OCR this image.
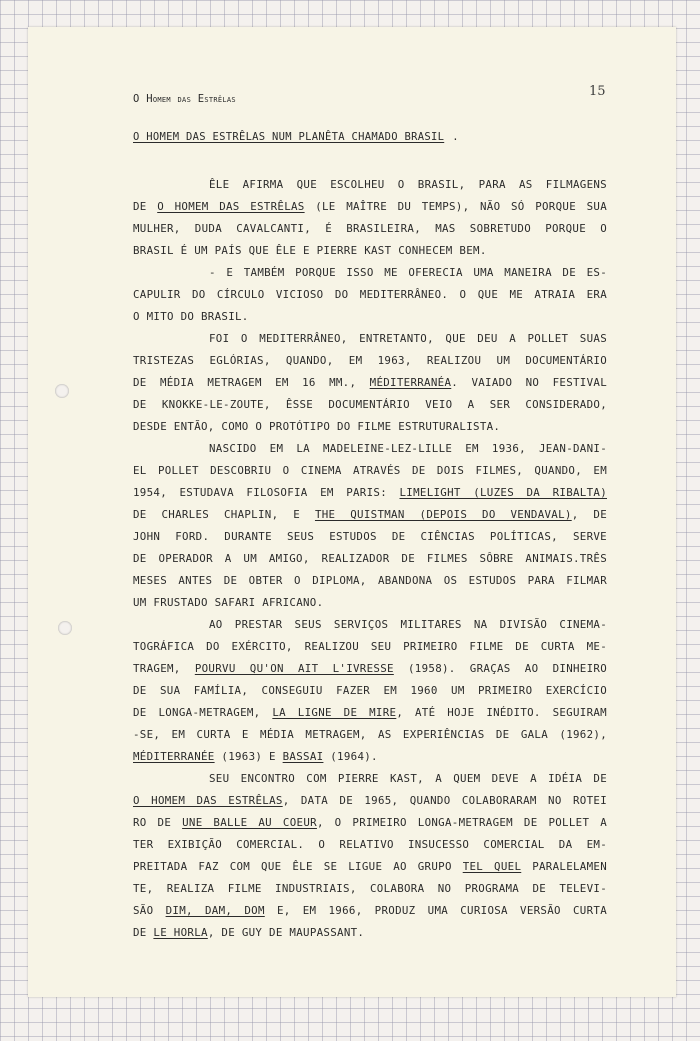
15
O Homem das Estrêlas
O HOMEM DAS ESTRÊLAS NUM PLANÊTA CHAMADO BRASIL .
ÊLE AFIRMA QUE ESCOLHEU O BRASIL, PARA AS FILMAGENS
DE O HOMEM DAS ESTRÊLAS (LE MAÎTRE DU TEMPS), NÃO SÓ PORQUE SUA
MULHER, DUDA CAVALCANTI, É BRASILEIRA, MAS SOBRETUDO PORQUE O
BRASIL É UM PAÍS QUE ÊLE E PIERRE KAST CONHECEM BEM.
- E TAMBÉM PORQUE ISSO ME OFERECIA UMA MANEIRA DE ES-
CAPULIR DO CÍRCULO VICIOSO DO MEDITERRÂNEO. O QUE ME ATRAIA ERA
O MITO DO BRASIL.
FOI O MEDITERRÂNEO, ENTRETANTO, QUE DEU A POLLET SUAS
TRISTEZAS EGLÓRIAS, QUANDO, EM 1963, REALIZOU UM DOCUMENTÁRIO
DE MÉDIA METRAGEM EM 16 MM., MÉDITERRANÉA. VAIADO NO FESTIVAL
DE KNOKKE-LE-ZOUTE, ÊSSE DOCUMENTÁRIO VEIO A SER CONSIDERADO,
DESDE ENTÃO, COMO O PROTÓTIPO DO FILME ESTRUTURALISTA.
NASCIDO EM LA MADELEINE-LEZ-LILLE EM 1936, JEAN-DANI-
EL POLLET DESCOBRIU O CINEMA ATRAVÉS DE DOIS FILMES, QUANDO, EM
1954, ESTUDAVA FILOSOFIA EM PARIS: LIMELIGHT (LUZES DA RIBALTA)
DE CHARLES CHAPLIN, E THE QUISTMAN (DEPOIS DO VENDAVAL), DE
JOHN FORD. DURANTE SEUS ESTUDOS DE CIÊNCIAS POLÍTICAS, SERVE
DE OPERADOR A UM AMIGO, REALIZADOR DE FILMES SÔBRE ANIMAIS.TRÊS
MESES ANTES DE OBTER O DIPLOMA, ABANDONA OS ESTUDOS PARA FILMAR
UM FRUSTADO SAFARI AFRICANO.
AO PRESTAR SEUS SERVIÇOS MILITARES NA DIVISÃO CINEMA-
TOGRÁFICA DO EXÉRCITO, REALIZOU SEU PRIMEIRO FILME DE CURTA ME-
TRAGEM, POURVU QU'ON AIT L'IVRESSE (1958). GRAÇAS AO DINHEIRO
DE SUA FAMÍLIA, CONSEGUIU FAZER EM 1960 UM PRIMEIRO EXERCÍCIO
DE LONGA-METRAGEM, LA LIGNE DE MIRE, ATÉ HOJE INÉDITO. SEGUIRAM
-SE, EM CURTA E MÉDIA METRAGEM, AS EXPERIÊNCIAS DE GALA (1962),
MÉDITERRANÉE (1963) E BASSAI (1964).
SEU ENCONTRO COM PIERRE KAST, A QUEM DEVE A IDÉIA DE
O HOMEM DAS ESTRÊLAS, DATA DE 1965, QUANDO COLABORARAM NO ROTEI
RO DE UNE BALLE AU COEUR, O PRIMEIRO LONGA-METRAGEM DE POLLET A
TER EXIBIÇÃO COMERCIAL. O RELATIVO INSUCESSO COMERCIAL DA EM-
PREITADA FAZ COM QUE ÊLE SE LIGUE AO GRUPO TEL QUEL PARALELAMEN
TE, REALIZA FILME INDUSTRIAIS, COLABORA NO PROGRAMA DE TELEVI-
SÃO DIM, DAM, DOM E, EM 1966, PRODUZ UMA CURIOSA VERSÃO CURTA
DE LE HORLA, DE GUY DE MAUPASSANT.
